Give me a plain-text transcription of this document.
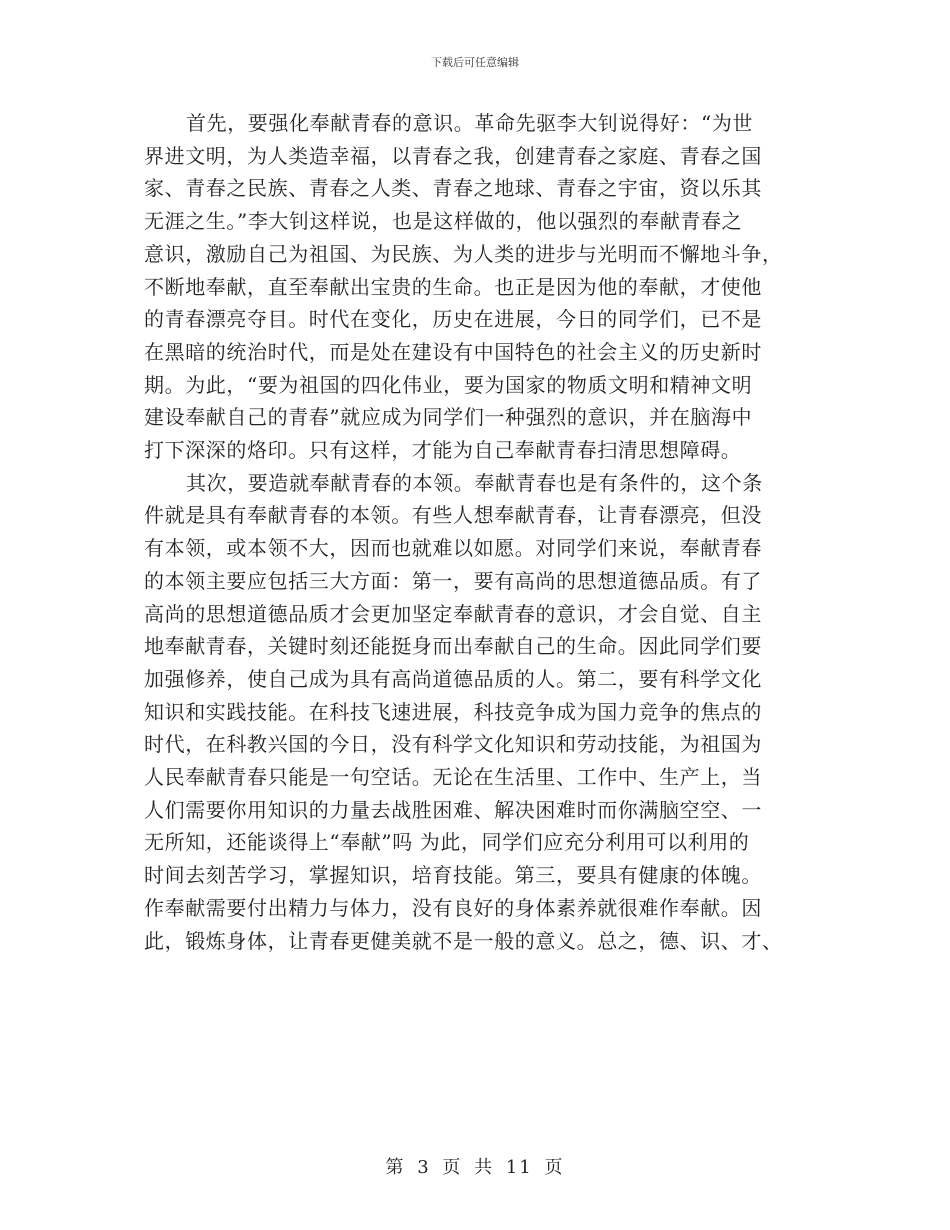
下载后可任意编辑
首先，要强化奉献青春的意识。革命先驱李大钊说得好：“为世
界进文明，为人类造幸福，以青春之我，创建青春之家庭、青春之国
家、青春之民族、青春之人类、青春之地球、青春之宇宙，资以乐其
无涯之生。”李大钊这样说，也是这样做的，他以强烈的奉献青春之
意识，激励自己为祖国、为民族、为人类的进步与光明而不懈地斗争，
不断地奉献，直至奉献出宝贵的生命。也正是因为他的奉献，才使他
的青春漂亮夺目。时代在变化，历史在进展，今日的同学们，已不是
在黑暗的统治时代，而是处在建设有中国特色的社会主义的历史新时
期。为此，“要为祖国的四化伟业，要为国家的物质文明和精神文明
建设奉献自己的青春”就应成为同学们一种强烈的意识，并在脑海中
打下深深的烙印。只有这样，才能为自己奉献青春扫清思想障碍。
其次，要造就奉献青春的本领。奉献青春也是有条件的，这个条
件就是具有奉献青春的本领。有些人想奉献青春，让青春漂亮，但没
有本领，或本领不大，因而也就难以如愿。对同学们来说，奉献青春
的本领主要应包括三大方面：第一，要有高尚的思想道德品质。有了
高尚的思想道德品质才会更加坚定奉献青春的意识，才会自觉、自主
地奉献青春，关键时刻还能挺身而出奉献自己的生命。因此同学们要
加强修养，使自己成为具有高尚道德品质的人。第二，要有科学文化
知识和实践技能。在科技飞速进展，科技竞争成为国力竞争的焦点的
时代，在科教兴国的今日，没有科学文化知识和劳动技能，为祖国为
人民奉献青春只能是一句空话。无论在生活里、工作中、生产上，当
人们需要你用知识的力量去战胜困难、解决困难时而你满脑空空、一
无所知，还能谈得上“奉献”吗 为此，同学们应充分利用可以利用的
时间去刻苦学习，掌握知识，培育技能。第三，要具有健康的体魄。
作奉献需要付出精力与体力，没有良好的身体素养就很难作奉献。因
此，锻炼身体，让青春更健美就不是一般的意义。总之，德、识、才、
第 3 页 共 11 页
